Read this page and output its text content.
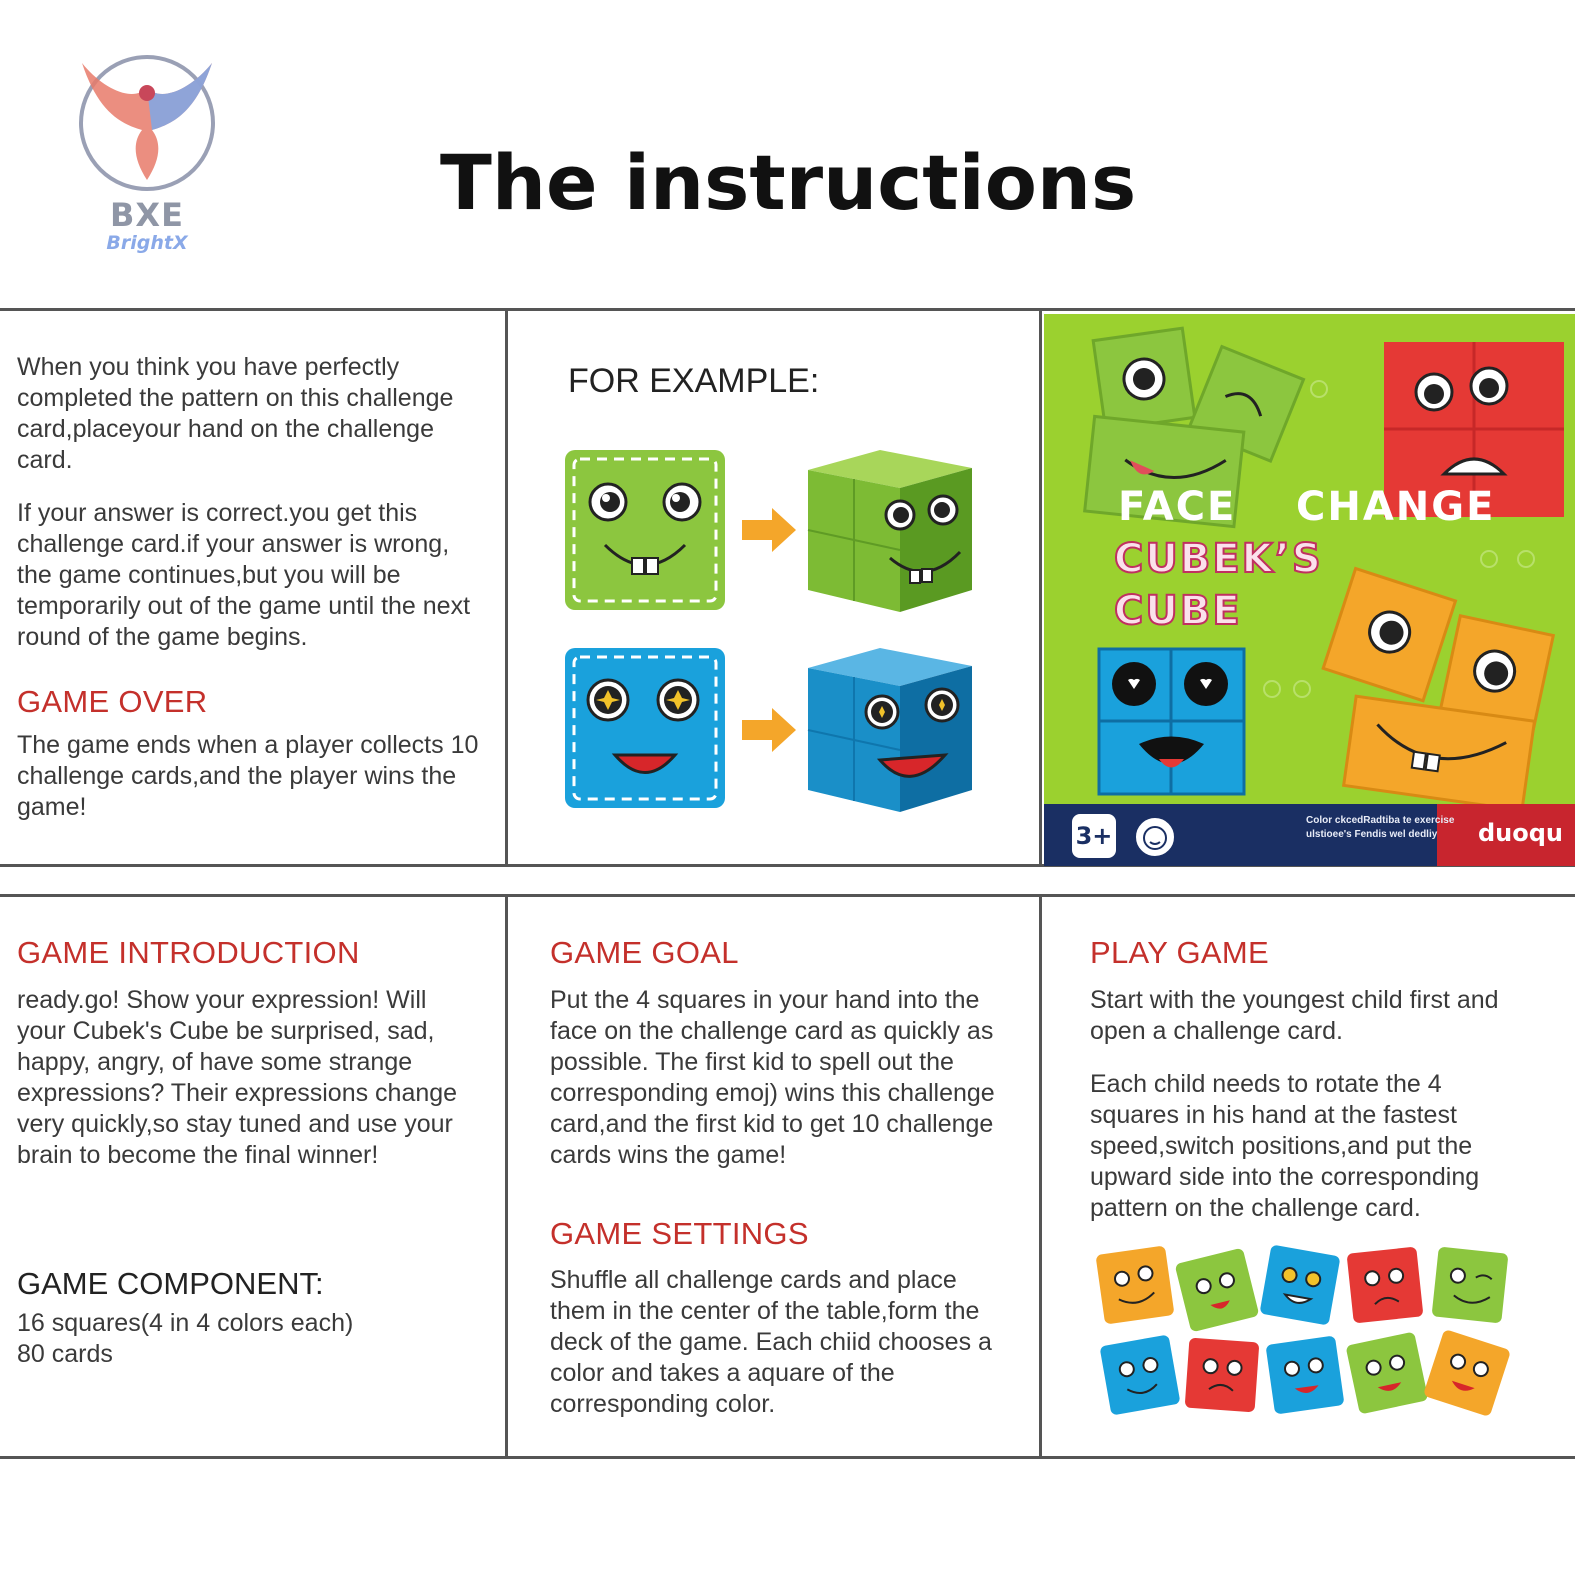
BXE
BrightX
The instructions

When you think you have perfectly completed the pattern on this challenge card,placeyour hand on the challenge card.

If your answer is correct.you get this challenge card.if your answer is wrong, the game continues,but you will be temporarily out of the game until the next round of the game begins.

GAME OVER

The game ends when a player collects 10 challenge cards,and the player wins the game!

FOR EXAMPLE:
FACE CHANGE
CUBEK’S
CUBE
3+
Color ckcedRadtiba te exercise ulstioee's Fendis wel dedliy	duoqu
GAME INTRODUCTION

ready.go! Show your expression! Will your Cubek's Cube be surprised, sad, happy, angry, of have some strange expressions? Their expressions change very quickly,so stay tuned and use your brain to become the final winner!

GAME COMPONENT:
16 squares(4 in 4 colors each)
80 cards
GAME GOAL

Put the 4 squares in your hand into the face on the challenge card as quickly as possible. The first kid to spell out the corresponding emoj) wins this challenge card,and the first kid to get 10 challenge cards wins the game!

GAME SETTINGS

Shuffle all challenge cards and place them in the center of the table,form the deck of the game. Each chiid chooses a color and takes a aquare of the corresponding color.

PLAY GAME

Start with the youngest child first and open a challenge card.

Each child needs to rotate the 4 squares in his hand at the fastest speed,switch positions,and put the upward side into the corresponding pattern on the challenge card.
